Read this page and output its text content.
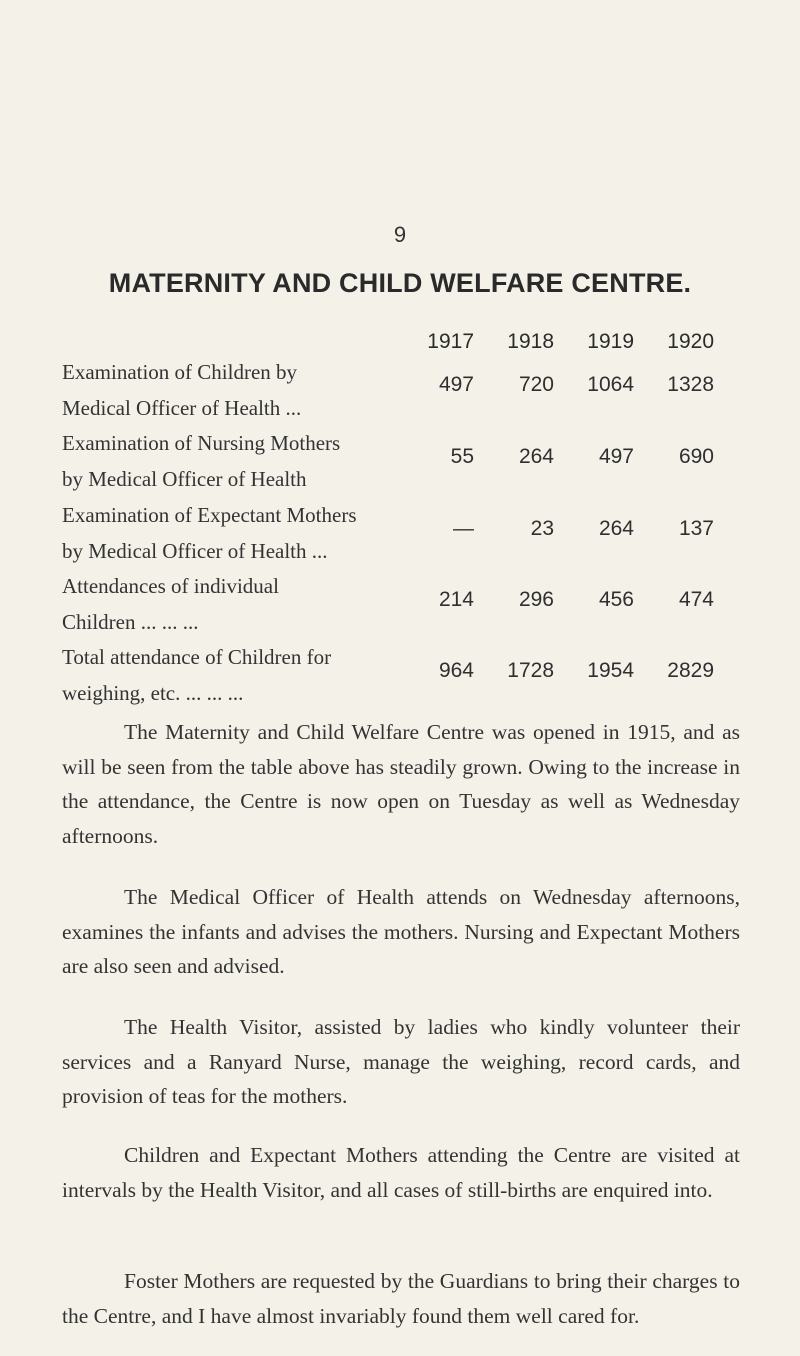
9
MATERNITY AND CHILD WELFARE CENTRE.
1917	1918	1919	1920
Examination of Children by
Medical Officer of Health ...
497	720	1064	1328
Examination of Nursing Mothers
by Medical Officer of Health
55	264	497	690
Examination of Expectant Mothers
by Medical Officer of Health ...
—	23	264	137
Attendances of individual
Children ... ... ...
214	296	456	474
Total attendance of Children for
weighing, etc. ... ... ...
964	1728	1954	2829

The Maternity and Child Welfare Centre was opened in 1915, and as will be seen from the table above has steadily grown. Owing to the increase in the attendance, the Centre is now open on Tuesday as well as Wednesday afternoons.

The Medical Officer of Health attends on Wednesday afternoons, examines the infants and advises the mothers. Nursing and Expectant Mothers are also seen and advised.

The Health Visitor, assisted by ladies who kindly volunteer their services and a Ranyard Nurse, manage the weighing, record cards, and provision of teas for the mothers.

Children and Expectant Mothers attending the Centre are visited at intervals by the Health Visitor, and all cases of still-births are enquired into.

Foster Mothers are requested by the Guardians to bring their charges to the Centre, and I have almost invariably found them well cared for.
